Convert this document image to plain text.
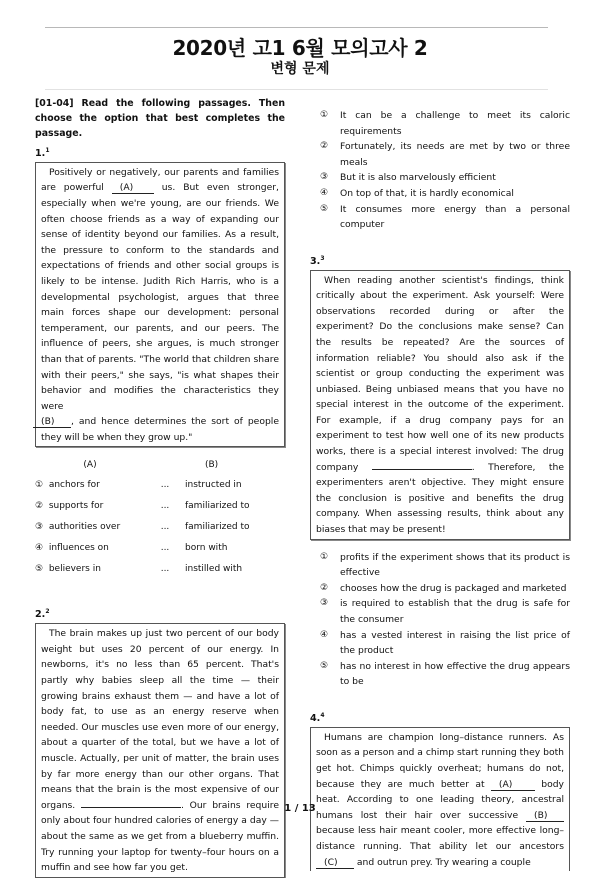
2020년 고1 6월 모의고사 2
변형 문제
[01-04] Read the following passages. Then choose the option that best completes the passage.
1.$^1$

Positively or negatively, our parents and families are powerful (A) us. But even stronger, especially when we're young, are our friends. We often choose friends as a way of expanding our sense of identity beyond our families. As a result, the pressure to conform to the standards and expectations of friends and other social groups is likely to be intense. Judith Rich Harris, who is a developmental psychologist, argues that three main forces shape our development: personal temperament, our parents, and our peers. The influence of peers, she argues, is much stronger than that of parents. "The world that children share with their peers," she says, "is what shapes their behavior and modifies the characteristics they were
(B) , and hence determines the sort of people they will be when they grow up."

(A)		(B)
① anchors for	...	instructed in
② supports for	...	familiarized to
③ authorities over	...	familiarized to
④ influences on	...	born with
⑤ believers in	...	instilled with
2.$^2$

The brain makes up just two percent of our body weight but uses 20 percent of our energy. In newborns, it's no less than 65 percent. That's partly why babies sleep all the time — their growing brains exhaust them — and have a lot of body fat, to use as an energy reserve when needed. Our muscles use even more of our energy, about a quarter of the total, but we have a lot of muscle. Actually, per unit of matter, the brain uses by far more energy than our other organs. That means that the brain is the most expensive of our organs.	. Our brains require only about four hundred calories of energy a day — about the same as we get from a blueberry muffin. Try running your laptop for twenty–four hours on a muffin and see how far you get.

①	It can be a challenge to meet its caloric requirements
②	Fortunately, its needs are met by two or three meals
③	But it is also marvelously efficient
④	On top of that, it is hardly economical
⑤	It consumes more energy than a personal computer
3.$^3$

When reading another scientist's findings, think critically about the experiment. Ask yourself: Were observations recorded during or after the experiment? Do the conclusions make sense? Can the results be repeated? Are the sources of information reliable? You should also ask if the scientist or group conducting the experiment was unbiased. Being unbiased means that you have no special interest in the outcome of the experiment. For example, if a drug company pays for an experiment to test how well one of its new products works, there is a special interest involved: The drug company	. Therefore, the experimenters aren't objective. They might ensure the conclusion is positive and benefits the drug company. When assessing results, think about any biases that may be present!

①	profits if the experiment shows that its product is effective
②	chooses how the drug is packaged and marketed
③	is required to establish that the drug is safe for the consumer
④	has a vested interest in raising the list price of the product
⑤	has no interest in how effective the drug appears to be
4.$^4$

Humans are champion long–distance runners. As soon as a person and a chimp start running they both get hot. Chimps quickly overheat; humans do not, because they are much better at (A) body heat. According to one leading theory, ancestral humans lost their hair over successive (B) because less hair meant cooler, more effective long–distance running. That ability let our ancestors (C) and outrun prey. Try wearing a couple

1 / 13
